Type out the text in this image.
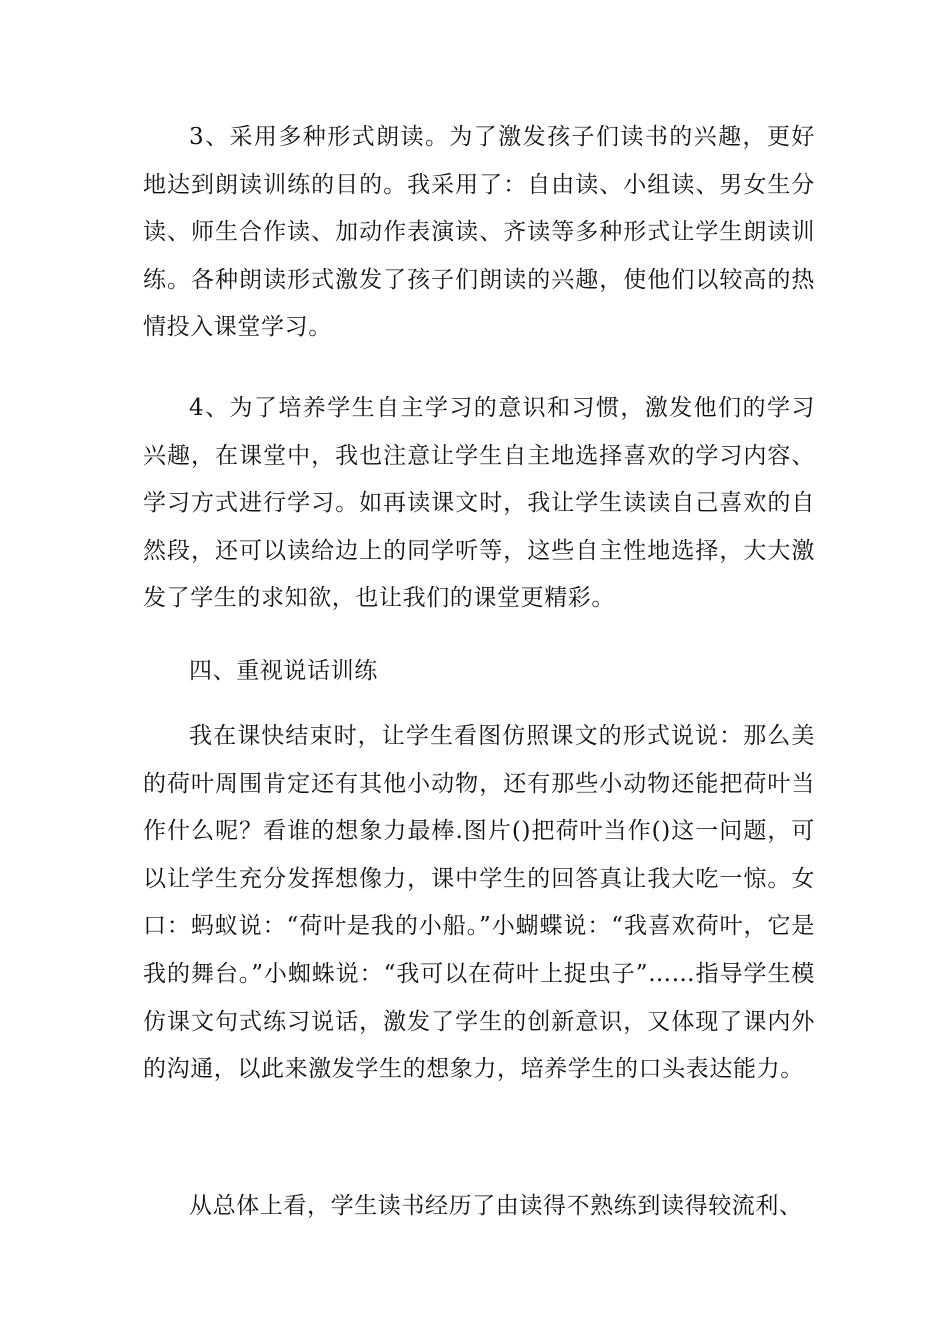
3、采用多种形式朗读。为了激发孩子们读书的兴趣，更好地达到朗读训练的目的。我采用了：自由读、小组读、男女生分读、师生合作读、加动作表演读、齐读等多种形式让学生朗读训练。各种朗读形式激发了孩子们朗读的兴趣，使他们以较高的热情投入课堂学习。

4、为了培养学生自主学习的意识和习惯，激发他们的学习兴趣，在课堂中，我也注意让学生自主地选择喜欢的学习内容、学习方式进行学习。如再读课文时，我让学生读读自己喜欢的自然段，还可以读给边上的同学听等，这些自主性地选择，大大激发了学生的求知欲，也让我们的课堂更精彩。

四、重视说话训练

我在课快结束时，让学生看图仿照课文的形式说说：那么美的荷叶周围肯定还有其他小动物，还有那些小动物还能把荷叶当作什么呢？看谁的想象力最棒.图片()把荷叶当作()这一问题，可以让学生充分发挥想像力，课中学生的回答真让我大吃一惊。女口：蚂蚁说：“荷叶是我的小船。”小蝴蝶说：“我喜欢荷叶，它是我的舞台。”小蜘蛛说：“我可以在荷叶上捉虫子”……指导学生模仿课文句式练习说话，激发了学生的创新意识，又体现了课内外的沟通，以此来激发学生的想象力，培养学生的口头表达能力。

从总体上看，学生读书经历了由读得不熟练到读得较流利、
